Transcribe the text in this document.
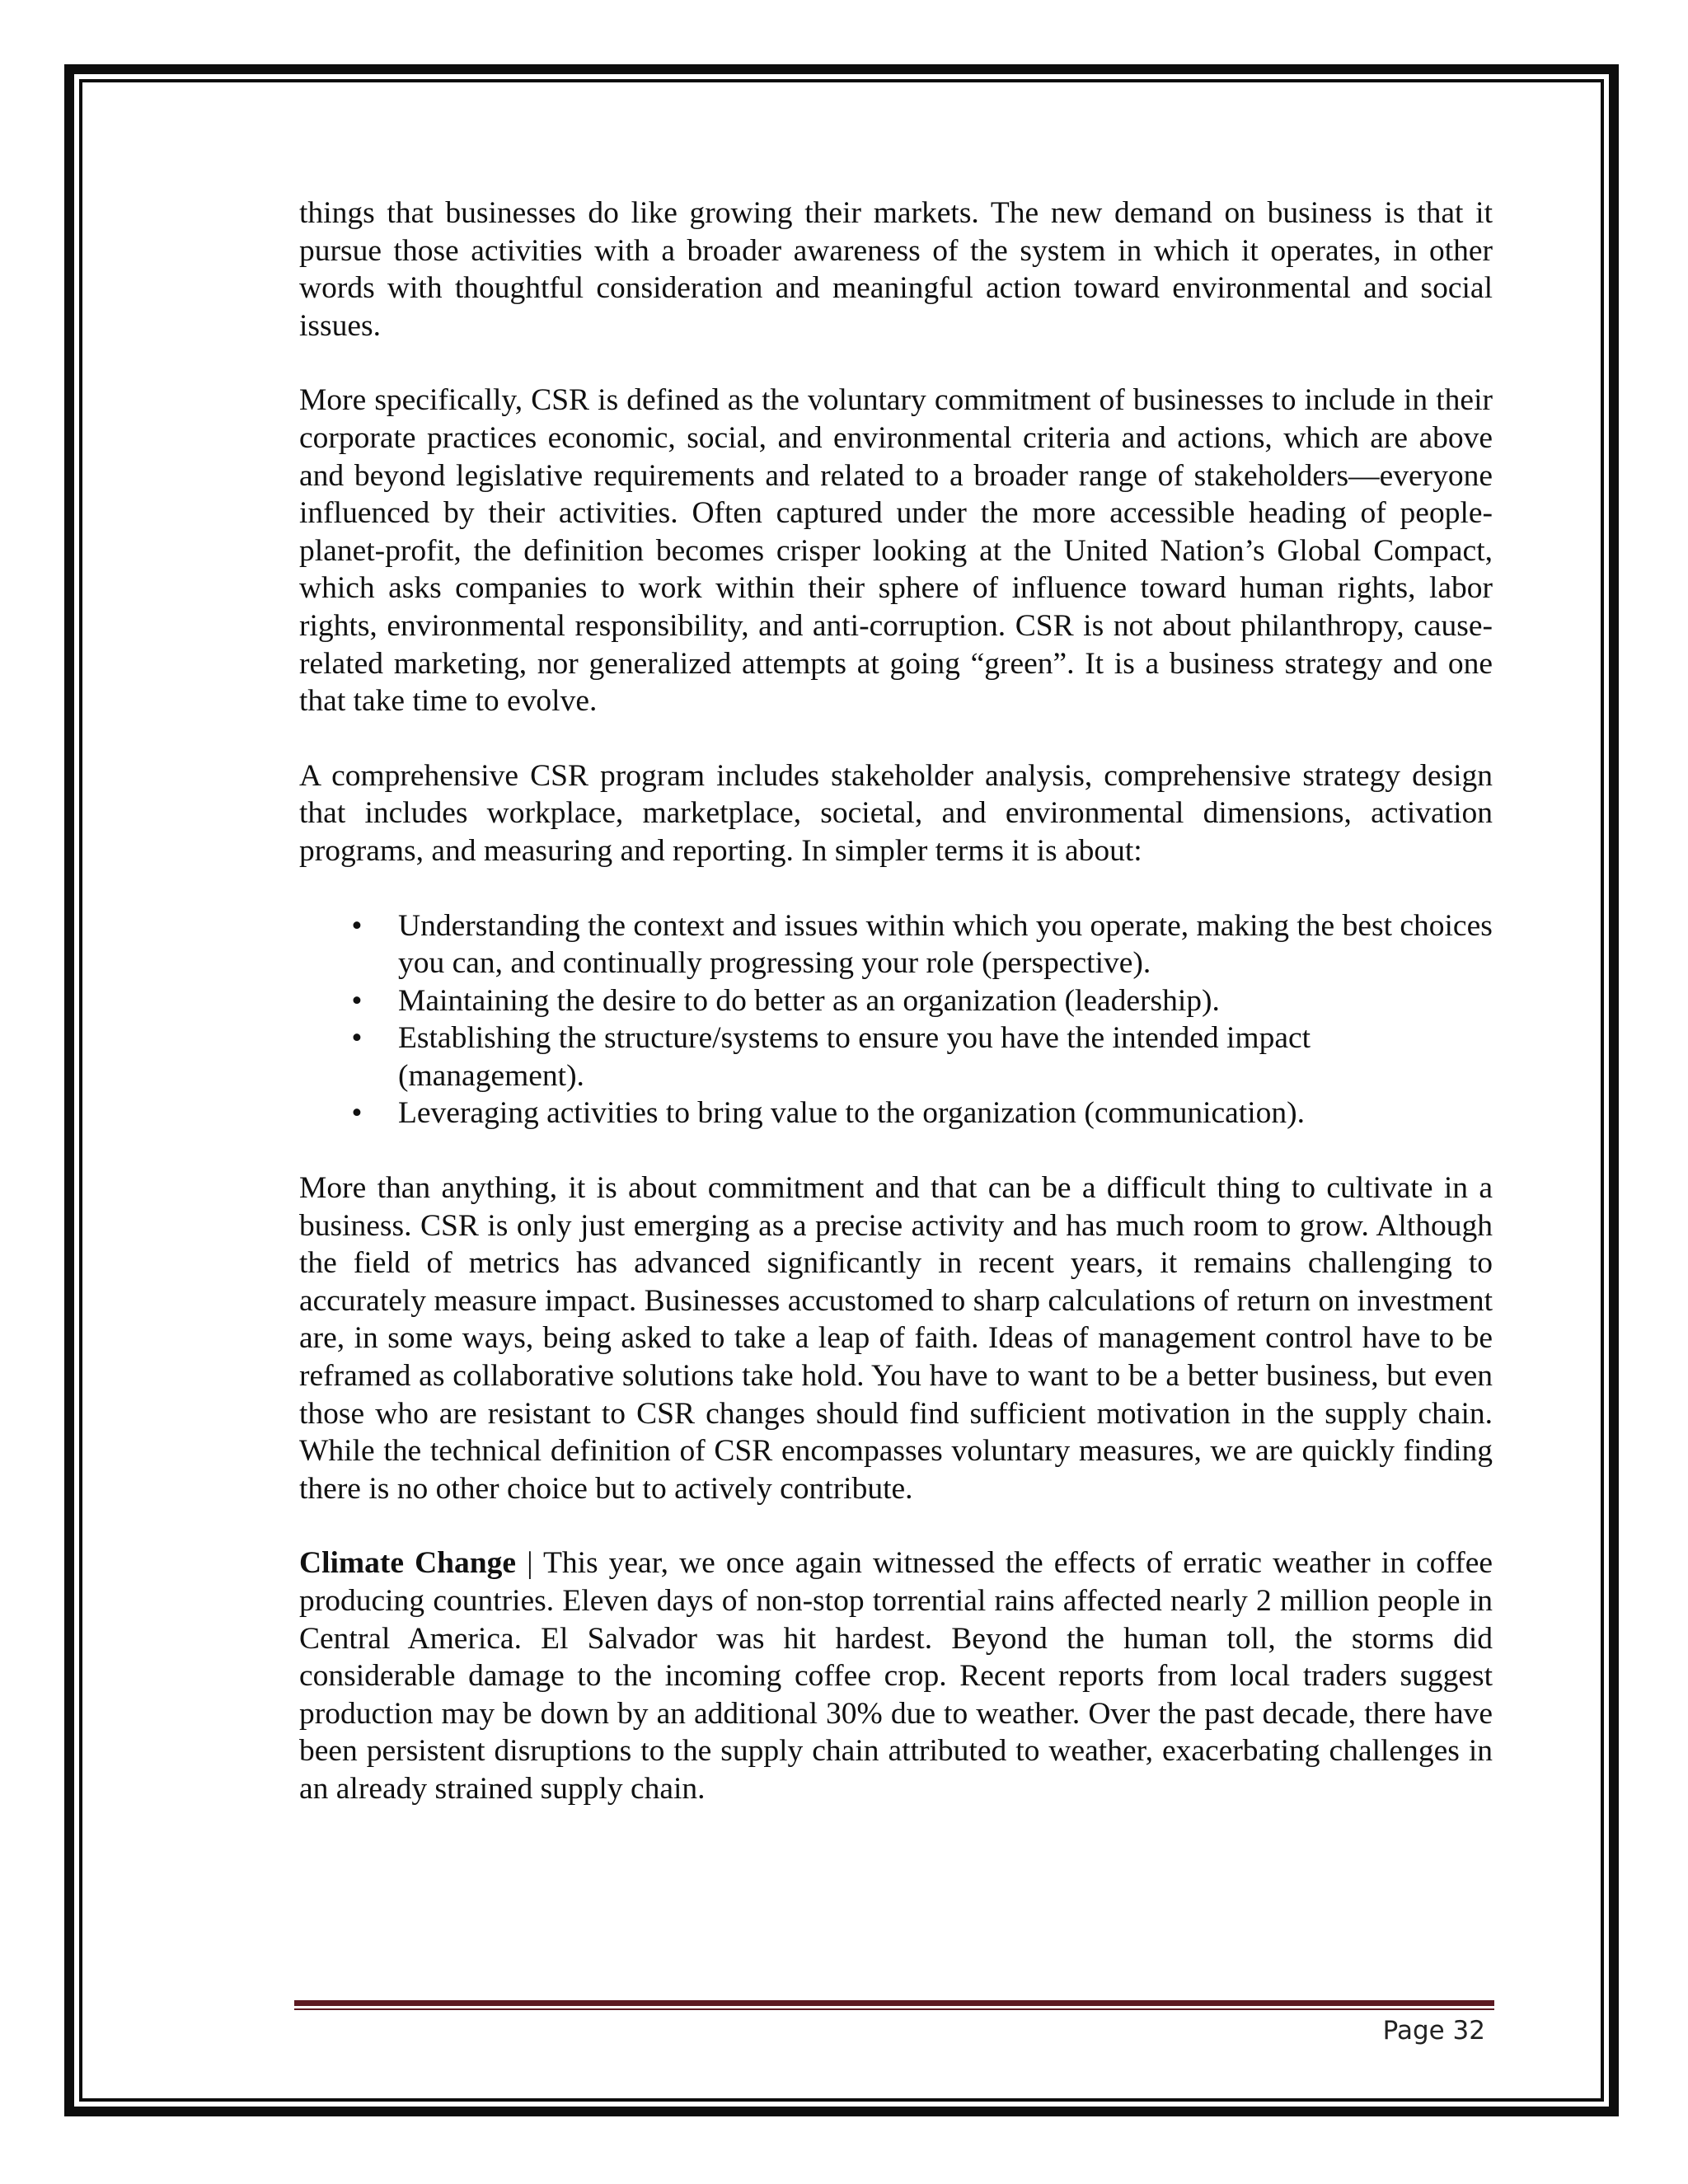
things that businesses do like growing their markets. The new demand on business is that it pursue those activities with a broader awareness of the system in which it operates, in other words with thoughtful consideration and meaningful action toward environmental and social issues.

More specifically, CSR is defined as the voluntary commitment of businesses to include in their corporate practices economic, social, and environmental criteria and actions, which are above and beyond legislative requirements and related to a broader range of stakeholders—everyone influenced by their activities. Often captured under the more accessible heading of people-planet-profit, the definition becomes crisper looking at the United Nation’s Global Compact, which asks companies to work within their sphere of influence toward human rights, labor rights, environmental responsibility, and anti-corruption. CSR is not about philanthropy, cause-related marketing, nor generalized attempts at going “green”. It is a business strategy and one that take time to evolve.

A comprehensive CSR program includes stakeholder analysis, comprehensive strategy design that includes workplace, marketplace, societal, and environmental dimensions, activation programs, and measuring and reporting. In simpler terms it is about:

• Understanding the context and issues within which you operate, making the best choices you can, and continually progressing your role (perspective).
• Maintaining the desire to do better as an organization (leadership).
• Establishing the structure/systems to ensure you have the intended impact (management).
• Leveraging activities to bring value to the organization (communication).

More than anything, it is about commitment and that can be a difficult thing to cultivate in a business. CSR is only just emerging as a precise activity and has much room to grow. Although the field of metrics has advanced significantly in recent years, it remains challenging to accurately measure impact. Businesses accustomed to sharp calculations of return on investment are, in some ways, being asked to take a leap of faith. Ideas of management control have to be reframed as collaborative solutions take hold. You have to want to be a better business, but even those who are resistant to CSR changes should find sufficient motivation in the supply chain. While the technical definition of CSR encompasses voluntary measures, we are quickly finding there is no other choice but to actively contribute.

Climate Change | This year, we once again witnessed the effects of erratic weather in coffee producing countries. Eleven days of non-stop torrential rains affected nearly 2 million people in Central America. El Salvador was hit hardest. Beyond the human toll, the storms did considerable damage to the incoming coffee crop. Recent reports from local traders suggest production may be down by an additional 30% due to weather. Over the past decade, there have been persistent disruptions to the supply chain attributed to weather, exacerbating challenges in an already strained supply chain.

Page 32
